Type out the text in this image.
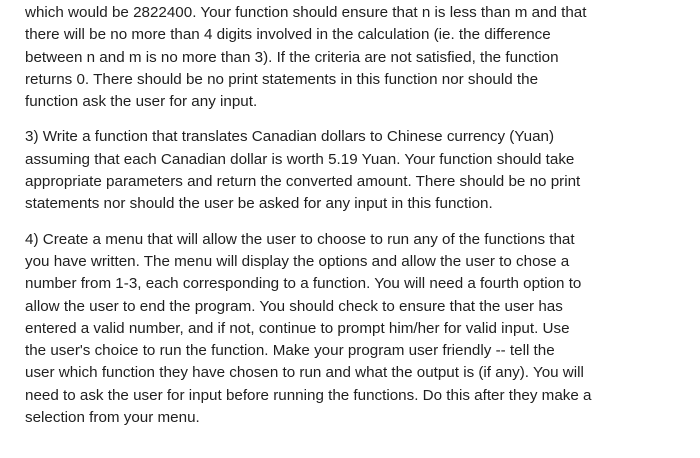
which would be 2822400. Your function should ensure that n is less than m and that
there will be no more than 4 digits involved in the calculation (ie. the difference
between n and m is no more than 3). If the criteria are not satisfied, the function
returns 0. There should be no print statements in this function nor should the
function ask the user for any input.

3) Write a function that translates Canadian dollars to Chinese currency (Yuan)
assuming that each Canadian dollar is worth 5.19 Yuan. Your function should take
appropriate parameters and return the converted amount. There should be no print
statements nor should the user be asked for any input in this function.

4) Create a menu that will allow the user to choose to run any of the functions that
you have written. The menu will display the options and allow the user to chose a
number from 1-3, each corresponding to a function. You will need a fourth option to
allow the user to end the program. You should check to ensure that the user has
entered a valid number, and if not, continue to prompt him/her for valid input. Use
the user's choice to run the function. Make your program user friendly -- tell the
user which function they have chosen to run and what the output is (if any). You will
need to ask the user for input before running the functions. Do this after they make a
selection from your menu.
